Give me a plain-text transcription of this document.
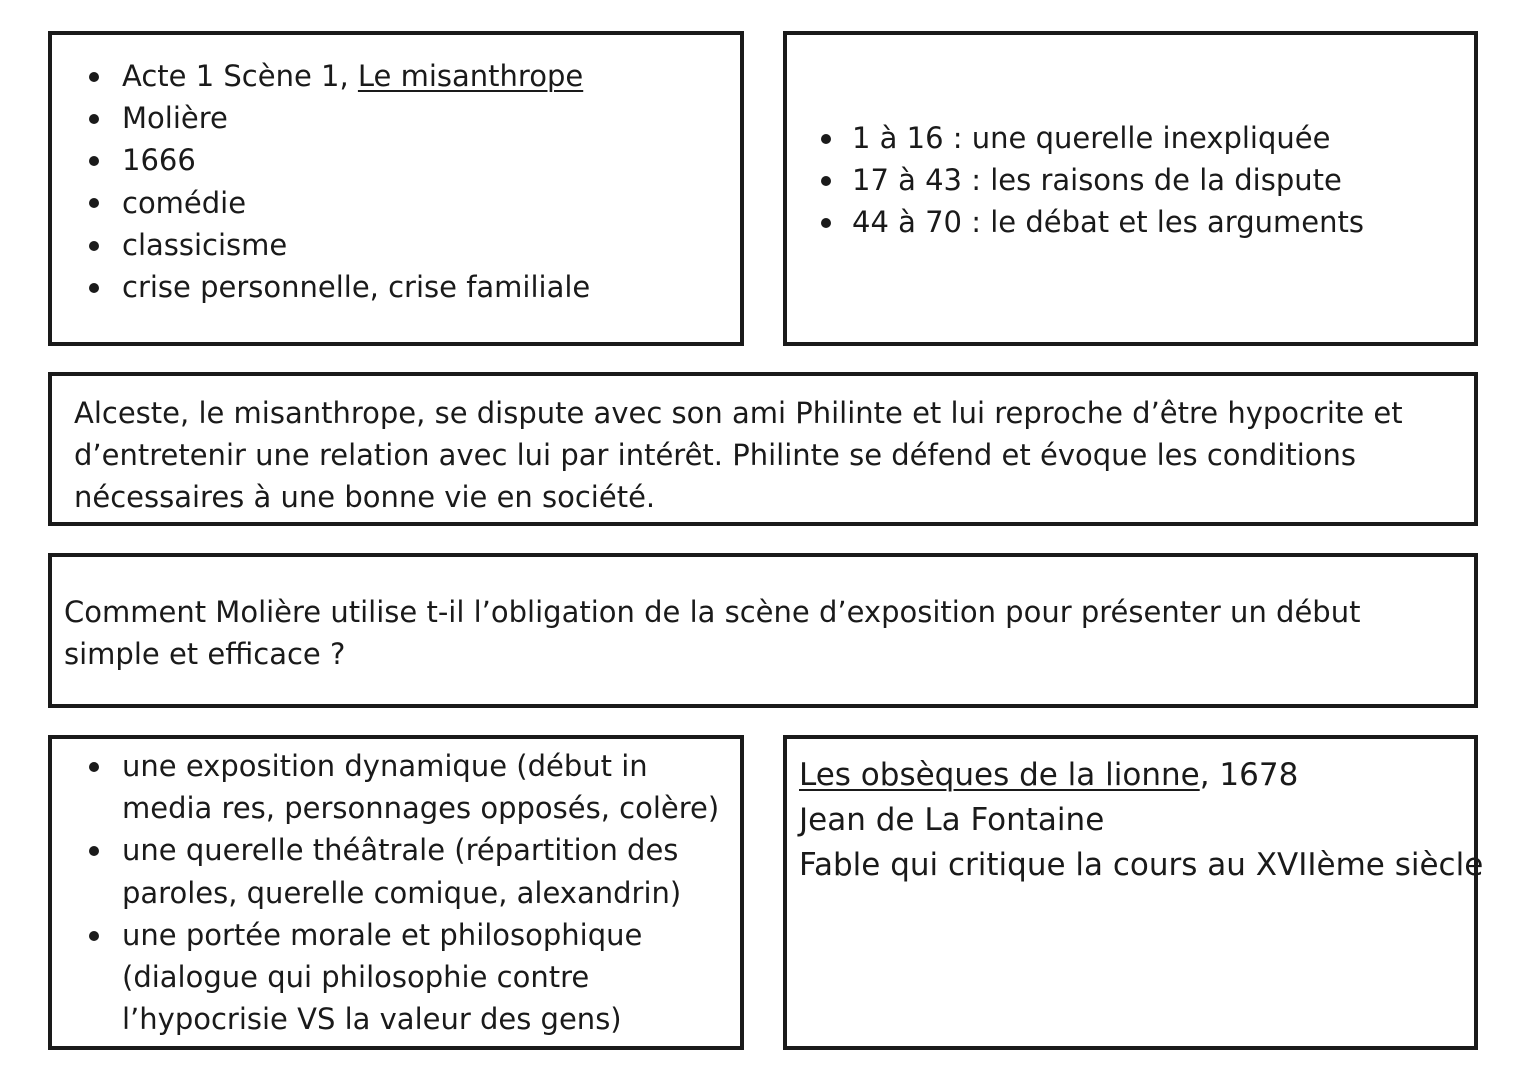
Acte 1 Scène 1, Le misanthrope
Molière
1666
comédie
classicisme
crise personnelle, crise familiale
1 à 16 : une querelle inexpliquée
17 à 43 : les raisons de la dispute
44 à 70 : le débat et les arguments

Alceste, le misanthrope, se dispute avec son ami Philinte et lui reproche d’être hypocrite et d’entretenir une relation avec lui par intérêt. Philinte se défend et évoque les conditions nécessaires à une bonne vie en société.

Comment Molière utilise t-il l’obligation de la scène d’exposition pour présenter un début simple et efficace ?

une exposition dynamique (début in media res, personnages opposés, colère)
une querelle théâtrale (répartition des paroles, querelle comique, alexandrin)
une portée morale et philosophique (dialogue qui philosophie contre l’hypocrisie VS la valeur des gens)
Les obsèques de la lionne, 1678
Jean de La Fontaine
Fable qui critique la cours au XVIIème siècle
